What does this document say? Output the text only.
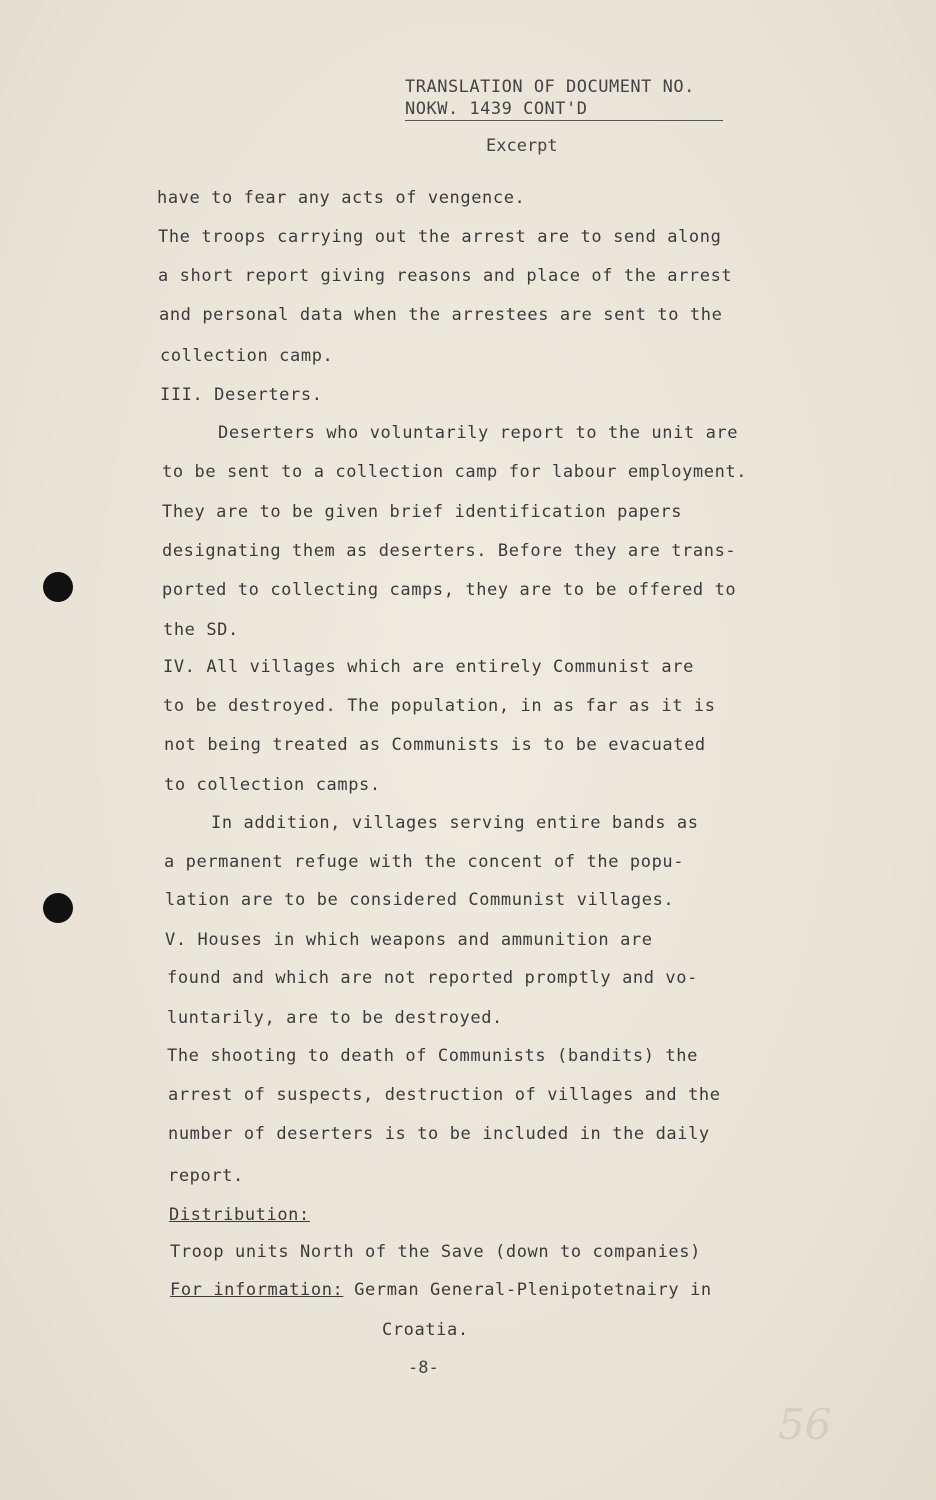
TRANSLATION OF DOCUMENT NO.

NOKW. 1439 CONT'D
Excerpt
have to fear any acts of vengence.
The troops carrying out the arrest are to send along
a short report giving reasons and place of the arrest
and personal data when the arrestees are sent to the
collection camp.
III. Deserters.
Deserters who voluntarily report to the unit are
to be sent to a collection camp for labour employment.
They are to be given brief identification papers
designating them as deserters. Before they are trans-
ported to collecting camps, they are to be offered to
the SD.
IV. All villages which are entirely Communist are
to be destroyed. The population, in as far as it is
not being treated as Communists is to be evacuated
to collection camps.
In addition, villages serving entire bands as
a permanent refuge with the concent of the popu-
lation are to be considered Communist villages.
V. Houses in which weapons and ammunition are
found and which are not reported promptly and vo-
luntarily, are to be destroyed.
The shooting to death of Communists (bandits) the
arrest of suspects, destruction of villages and the
number of deserters is to be included in the daily
report.
Distribution:
Troop units North of the Save (down to companies)
For information: German General-Plenipotetnairy in
Croatia.
-8-
56
